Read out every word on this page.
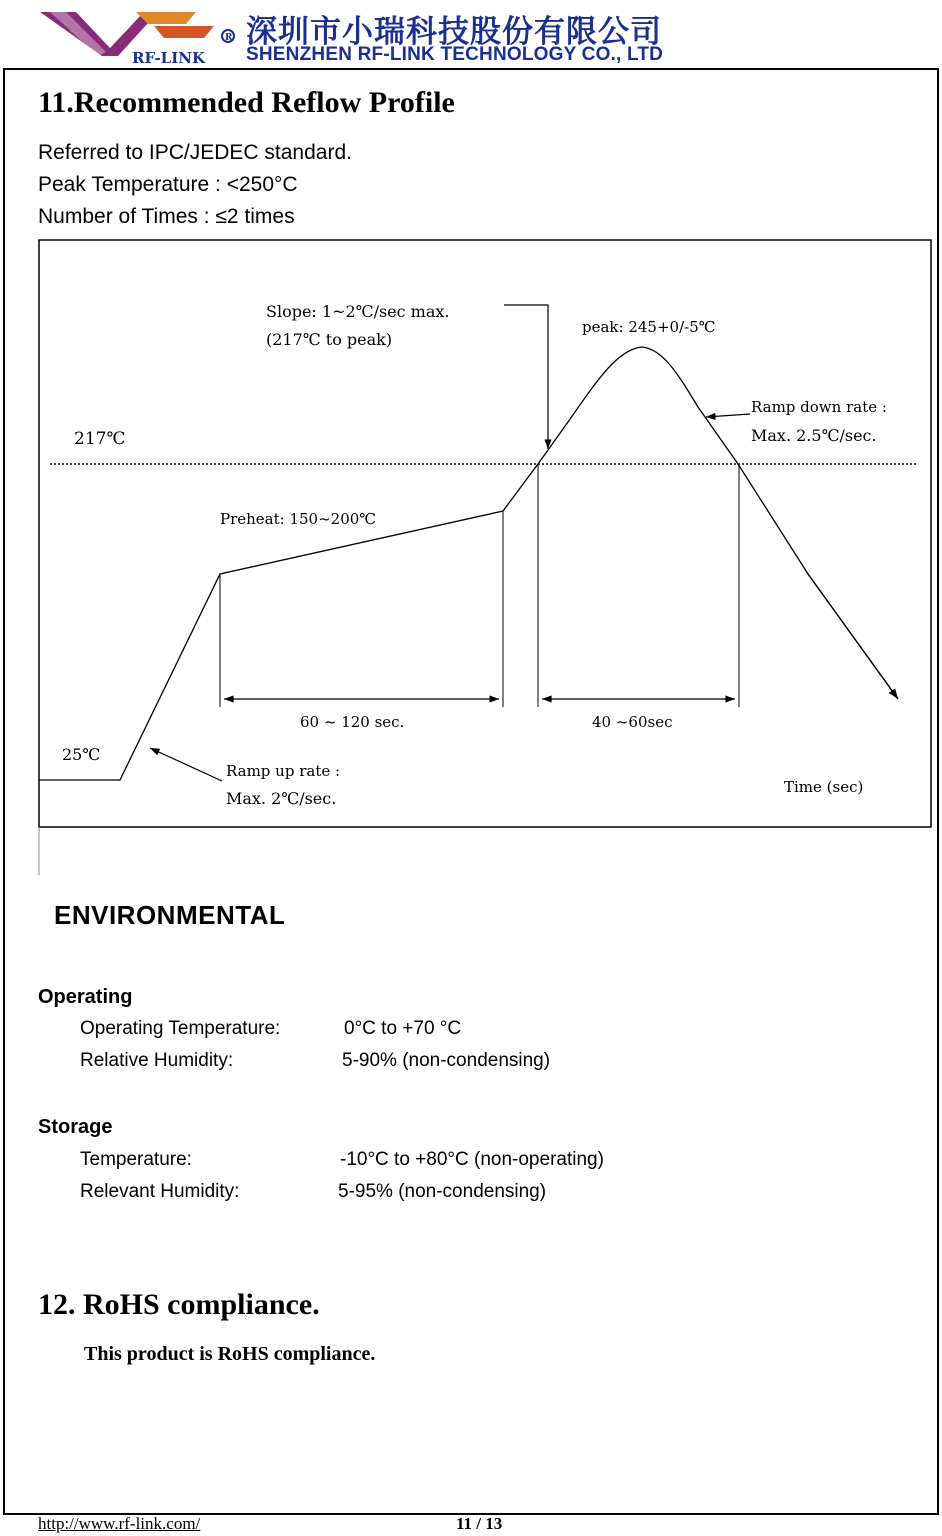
R
RF-LINK
深圳市小瑞科技股份有限公司
SHENZHEN RF-LINK TECHNOLOGY CO., LTD
11.Recommended Reflow Profile
Referred to IPC/JEDEC standard.
Peak Temperature : <250°C
Number of Times : ≤2 times
217℃
60 ~ 120 sec.	40 ~60sec
Slope: 1~2℃/sec max.
(217℃ to peak)
peak: 245+0/-5℃
Ramp down rate :
Max. 2.5℃/sec.
Preheat: 150~200℃
25℃
Ramp up rate :
Max. 2℃/sec.
Time (sec)
ENVIRONMENTAL
Operating
Operating Temperature:	0°C to +70 °C
Relative Humidity:	5-90% (non-condensing)
Storage
Temperature:	-10°C to +80°C (non-operating)
Relevant Humidity:	5-95% (non-condensing)
12. RoHS compliance.
This product is RoHS compliance.
http://www.rf-link.com/	11 / 13
